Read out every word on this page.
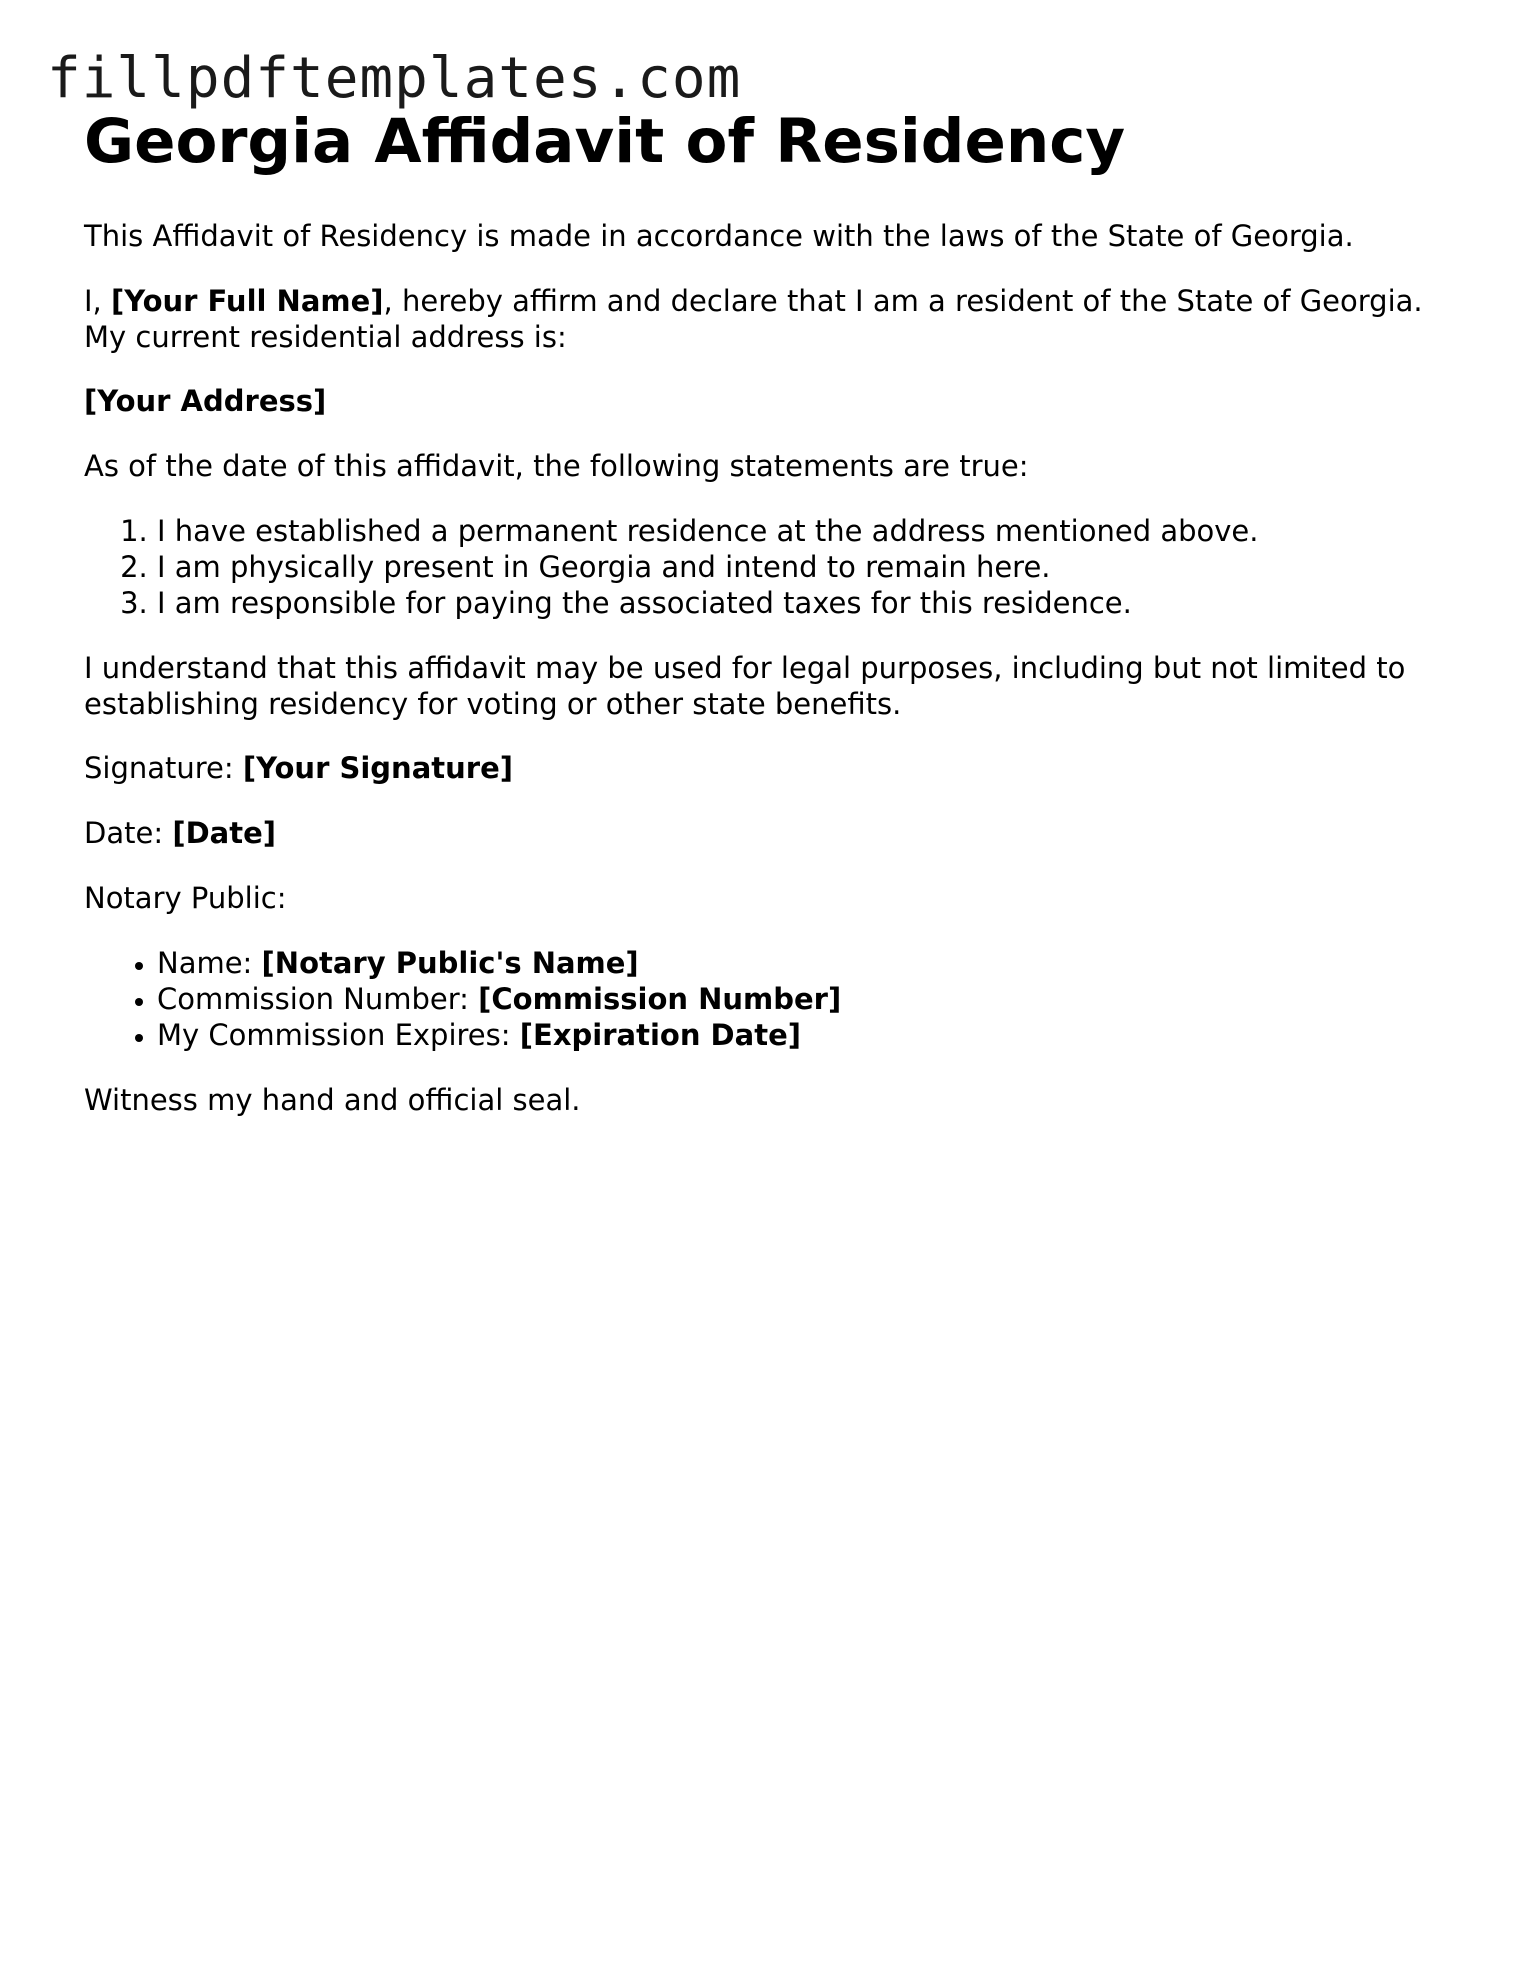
fillpdftemplates.com
Georgia Affidavit of Residency

This Affidavit of Residency is made in accordance with the laws of the State of Georgia.

I, [Your Full Name], hereby affirm and declare that I am a resident of the State of Georgia. My current residential address is:

[Your Address]

As of the date of this affidavit, the following statements are true:

1. I have established a permanent residence at the address mentioned above.
2. I am physically present in Georgia and intend to remain here.
3. I am responsible for paying the associated taxes for this residence.

I understand that this affidavit may be used for legal purposes, including but not limited to establishing residency for voting or other state benefits.

Signature: [Your Signature]

Date: [Date]

Notary Public:

• Name: [Notary Public's Name]
• Commission Number: [Commission Number]
• My Commission Expires: [Expiration Date]

Witness my hand and official seal.
